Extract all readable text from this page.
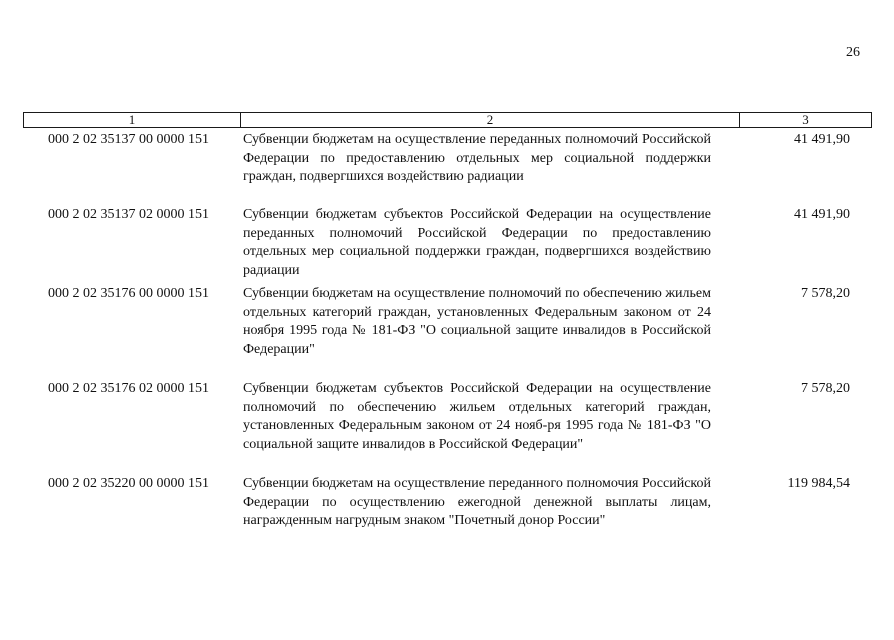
26
1	2	3
000 2 02 35137 00 0000 151 Субвенции бюджетам на осуществление переданных полномочий Российской Федерации по предоставлению отдельных мер социальной поддержки граждан, подвергшихся воздействию радиации
41 491,90
000 2 02 35137 02 0000 151 Субвенции бюджетам субъектов Российской Федерации на осуществление переданных полномочий Российской Федерации по предоставлению отдельных мер социальной поддержки граждан, подвергшихся воздействию радиации
41 491,90
000 2 02 35176 00 0000 151 Субвенции бюджетам на осуществление полномочий по обеспечению жильем отдельных категорий граждан, установленных Федеральным законом от 24 ноября 1995 года № 181-ФЗ "О социальной защите инвалидов в Российской Федерации"
7 578,20
000 2 02 35176 02 0000 151 Субвенции бюджетам субъектов Российской Федерации на осуществление полномочий по обеспечению жильем отдельных категорий граждан, установленных Федеральным законом от 24 нояб-ря 1995 года № 181-ФЗ "О социальной защите инвалидов в Российской Федерации"
7 578,20
000 2 02 35220 00 0000 151 Субвенции бюджетам на осуществление переданного полномочия Российской Федерации по осуществлению ежегодной денежной выплаты лицам, награжденным нагрудным знаком "Почетный донор России"
119 984,54
